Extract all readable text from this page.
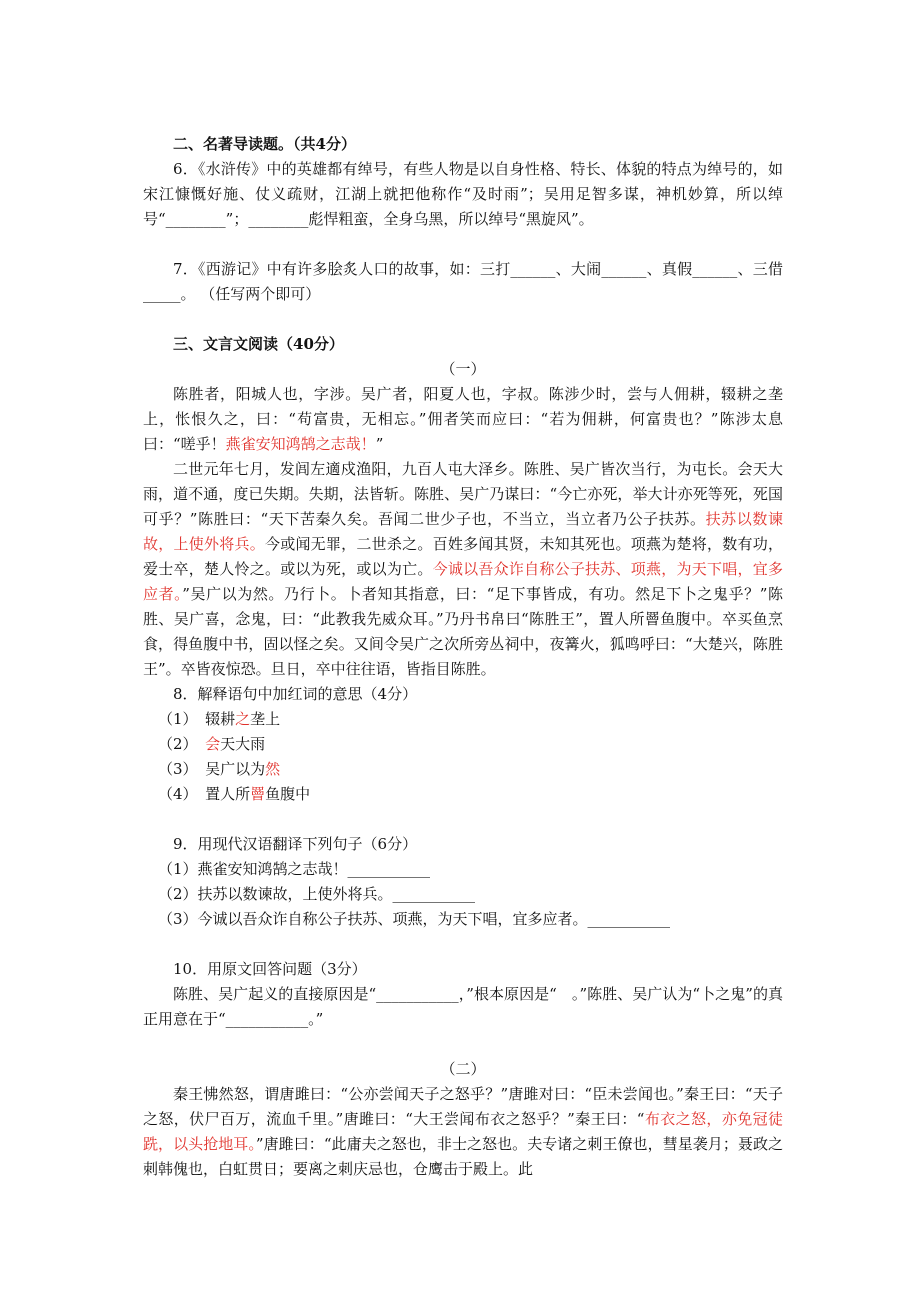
二、名著导读题。（共4分）

6．《水浒传》中的英雄都有绰号，有些人物是以自身性格、特长、体貌的特点为绰号的，如宋江慷慨好施、仗义疏财，江湖上就把他称作“及时雨”；吴用足智多谋，神机妙算，所以绰号“________”；________彪悍粗蛮，全身乌黑，所以绰号“黑旋风”。

7．《西游记》中有许多脍炙人口的故事，如：三打______、大闹______、真假______、三借_____。 （任写两个即可）

三、文言文阅读（40分）

（一）

陈胜者，阳城人也，字涉。吴广者，阳夏人也，字叔。陈涉少时，尝与人佣耕，辍耕之垄上，怅恨久之，曰：“苟富贵，无相忘。”佣者笑而应曰：“若为佣耕，何富贵也？”陈涉太息曰：“嗟乎！燕雀安知鸿鹄之志哉！”

二世元年七月，发闾左適戍渔阳，九百人屯大泽乡。陈胜、吴广皆次当行，为屯长。会天大雨，道不通，度已失期。失期，法皆斩。陈胜、吴广乃谋曰：“今亡亦死，举大计亦死等死，死国可乎？”陈胜曰：“天下苦秦久矣。吾闻二世少子也，不当立，当立者乃公子扶苏。扶苏以数谏故，上使外将兵。今或闻无罪，二世杀之。百姓多闻其贤，未知其死也。项燕为楚将，数有功，爱士卒，楚人怜之。或以为死，或以为亡。今诚以吾众诈自称公子扶苏、项燕，为天下唱，宜多应者。”吴广以为然。乃行卜。卜者知其指意，曰：“足下事皆成，有功。然足下卜之鬼乎？”陈胜、吴广喜，念鬼，曰：“此教我先威众耳。”乃丹书帛曰“陈胜王”，置人所罾鱼腹中。卒买鱼烹食，得鱼腹中书，固以怪之矣。又间令吴广之次所旁丛祠中，夜篝火，狐鸣呼曰：“大楚兴，陈胜王”。卒皆夜惊恐。旦日，卒中往往语，皆指目陈胜。

8．解释语句中加红词的意思（4分）

（1）　 辍耕之垄上

（2）　 会天大雨

（3）　 吴广以为然

（4）　 置人所罾鱼腹中

9．用现代汉语翻译下列句子（6分）

（1）燕雀安知鸿鹄之志哉！___________

（2）扶苏以数谏故，上使外将兵。___________

（3）今诚以吾众诈自称公子扶苏、项燕，为天下唱，宜多应者。___________

10．用原文回答问题（3分）

陈胜、吴广起义的直接原因是“___________，”根本原因是“　。”陈胜、吴广认为“卜之鬼”的真正用意在于“___________。”

（二）

秦王怫然怒，谓唐雎曰：“公亦尝闻天子之怒乎？”唐雎对曰：“臣未尝闻也。”秦王曰：“天子之怒，伏尸百万，流血千里。”唐雎曰：“大王尝闻布衣之怒乎？”秦王曰：“布衣之怒，亦免冠徒跣，以头抢地耳。”唐雎曰：“此庸夫之怒也，非士之怒也。夫专诸之刺王僚也，彗星袭月；聂政之刺韩傀也，白虹贯日；要离之刺庆忌也，仓鹰击于殿上。此
